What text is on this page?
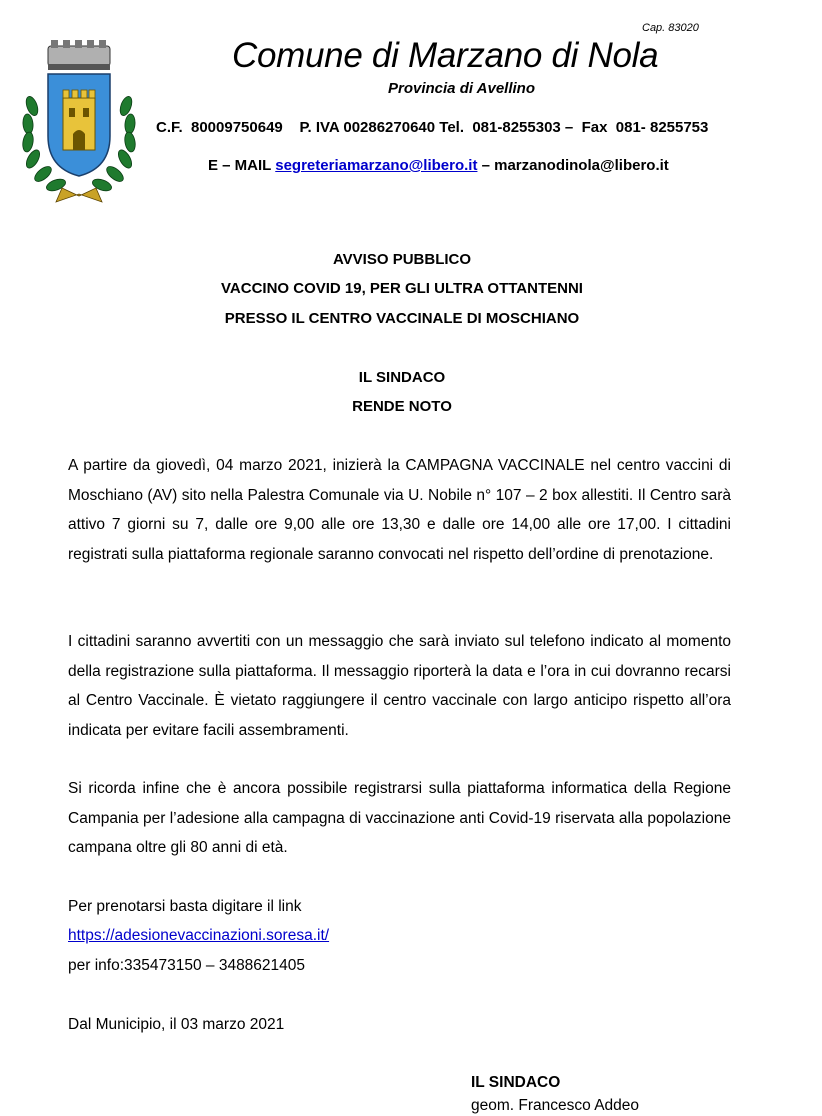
Cap. 83020
Comune di Marzano di Nola
Provincia di Avellino
C.F.  80009750649    P. IVA 00286270640 Tel.  081-8255303 –  Fax  081- 8255753
E – MAIL segreteriamarzano@libero.it – marzanodinola@libero.it
AVVISO PUBBLICO
VACCINO COVID 19, PER GLI ULTRA OTTANTENNI
PRESSO IL CENTRO VACCINALE DI MOSCHIANO
IL SINDACO
RENDE NOTO
A partire da giovedì, 04 marzo 2021, inizierà la CAMPAGNA VACCINALE nel centro vaccini di Moschiano (AV) sito nella Palestra Comunale via U. Nobile n° 107 – 2 box allestiti. Il Centro sarà attivo 7 giorni su 7, dalle ore 9,00 alle ore 13,30 e dalle ore 14,00 alle ore 17,00. I cittadini registrati sulla piattaforma regionale saranno convocati nel rispetto dell’ordine di prenotazione.
I cittadini saranno avvertiti con un messaggio che sarà inviato sul telefono indicato al momento della registrazione sulla piattaforma. Il messaggio riporterà la data e l’ora in cui dovranno recarsi al Centro Vaccinale. È vietato raggiungere il centro vaccinale con largo anticipo rispetto all’ora indicata per evitare facili assembramenti.
Si ricorda infine che è ancora possibile registrarsi sulla piattaforma informatica della Regione Campania per l’adesione alla campagna di vaccinazione anti Covid-19 riservata alla popolazione campana oltre gli 80 anni di età.
Per prenotarsi basta digitare il link
https://adesionevaccinazioni.soresa.it/
per info:335473150 – 3488621405
Dal Municipio, il 03 marzo 2021
IL SINDACO
geom. Francesco Addeo
